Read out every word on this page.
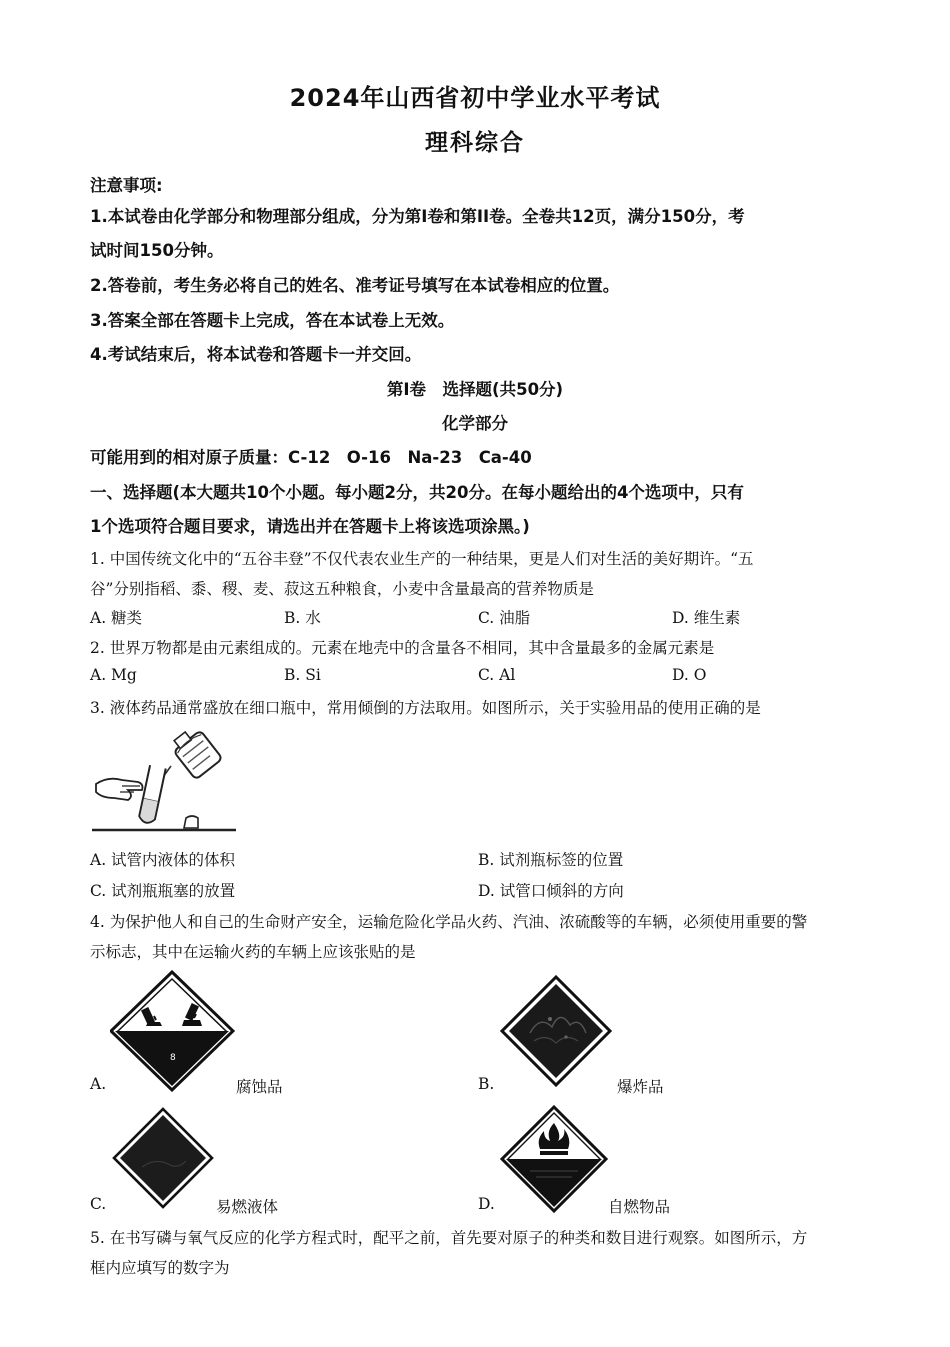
2024年山西省初中学业水平考试
理科综合
注意事项:
1.本试卷由化学部分和物理部分组成，分为第I卷和第II卷。全卷共12页，满分150分，考
试时间150分钟。
2.答卷前，考生务必将自己的姓名、准考证号填写在本试卷相应的位置。
3.答案全部在答题卡上完成，答在本试卷上无效。
4.考试结束后，将本试卷和答题卡一并交回。
第I卷　选择题(共50分)
化学部分
可能用到的相对原子质量：C-12　O-16　Na-23　Ca-40
一、选择题(本大题共10个小题。每小题2分，共20分。在每小题给出的4个选项中，只有
1个选项符合题目要求，请选出并在答题卡上将该选项涂黑。)
1. 中国传统文化中的“五谷丰登”不仅代表农业生产的一种结果，更是人们对生活的美好期许。“五
谷”分别指稻、黍、稷、麦、菽这五种粮食，小麦中含量最高的营养物质是
A. 糖类	B. 水	C. 油脂	D. 维生素
2. 世界万物都是由元素组成的。元素在地壳中的含量各不相同，其中含量最多的金属元素是
A. Mg	B. Si	C. Al	D. O
3. 液体药品通常盛放在细口瓶中，常用倾倒的方法取用。如图所示，关于实验用品的使用正确的是
A. 试管内液体的体积	B. 试剂瓶标签的位置
C. 试剂瓶瓶塞的放置	D. 试管口倾斜的方向
4. 为保护他人和自己的生命财产安全，运输危险化学品火药、汽油、浓硫酸等的车辆，必须使用重要的警
示标志，其中在运输火药的车辆上应该张贴的是
8
A.	腐蚀品	B.	爆炸品
C.	易燃液体	D.	自燃物品
5. 在书写磷与氧气反应的化学方程式时，配平之前，首先要对原子的种类和数目进行观察。如图所示，方
框内应填写的数字为
